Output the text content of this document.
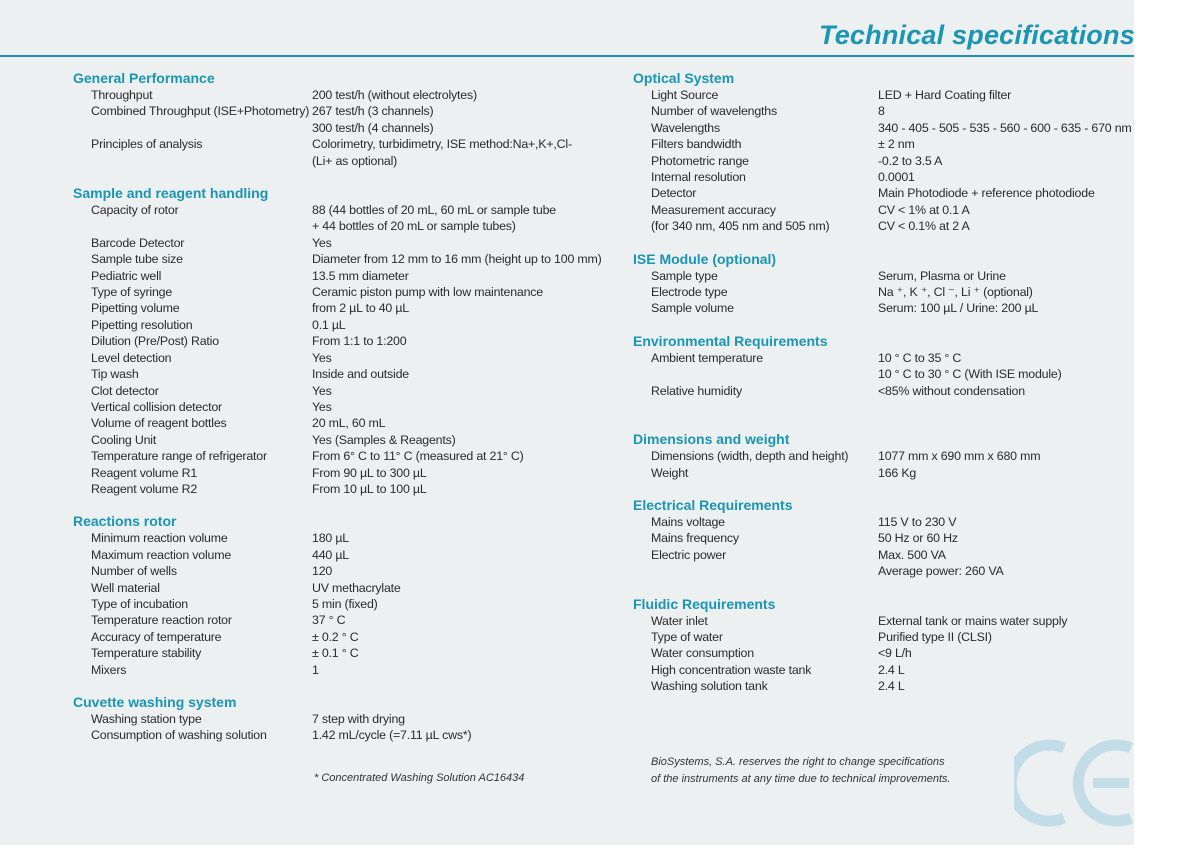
Technical specifications
General Performance
Throughput	200 test/h (without electrolytes)
Combined Throughput (ISE+Photometry) 267 test/h (3 channels)
300 test/h (4 channels)
Principles of analysis	Colorimetry, turbidimetry, ISE method:Na+,K+,Cl-
(Li+ as optional)
Sample and reagent handling
Capacity of rotor	88 (44 bottles of 20 mL, 60 mL or sample tube
+ 44 bottles of 20 mL or sample tubes)
Barcode Detector	Yes
Sample tube size	Diameter from 12 mm to 16 mm (height up to 100 mm)
Pediatric well	13.5 mm diameter
Type of syringe	Ceramic piston pump with low maintenance
Pipetting volume	from 2 µL to 40 µL
Pipetting resolution	0.1 µL
Dilution (Pre/Post) Ratio	From 1:1 to 1:200
Level detection	Yes
Tip wash	Inside and outside
Clot detector	Yes
Vertical collision detector	Yes
Volume of reagent bottles	20 mL, 60 mL
Cooling Unit	Yes (Samples & Reagents)
Temperature range of refrigerator	From 6° C to 11° C (measured at 21° C)
Reagent volume R1	From 90 µL to 300 µL
Reagent volume R2	From 10 µL to 100 µL
Reactions rotor
Minimum reaction volume	180 µL
Maximum reaction volume	440 µL
Number of wells	120
Well material	UV methacrylate
Type of incubation	5 min (fixed)
Temperature reaction rotor	37 ° C
Accuracy of temperature	± 0.2 ° C
Temperature stability	± 0.1 ° C
Mixers	1
Cuvette washing system
Washing station type	7 step with drying
Consumption of washing solution	1.42 mL/cycle (=7.11 µL cws*)
Optical System
Light Source	LED + Hard Coating filter
Number of wavelengths	8
Wavelengths	340 - 405 - 505 - 535 - 560 - 600 - 635 - 670 nm
Filters bandwidth	± 2 nm
Photometric range	-0.2 to 3.5 A
Internal resolution	0.0001
Detector	Main Photodiode + reference photodiode
Measurement accuracy	CV < 1% at 0.1 A
(for 340 nm, 405 nm and 505 nm)	CV < 0.1% at 2 A
ISE Module (optional)
Sample type	Serum, Plasma or Urine
Electrode type	Na ⁺, K ⁺, Cl ⁻, Li ⁺ (optional)
Sample volume	Serum: 100 µL / Urine: 200 µL
Environmental Requirements
Ambient temperature	10 ° C to 35 ° C
10 ° C to 30 ° C (With ISE module)
Relative humidity	<85% without condensation
Dimensions and weight
Dimensions (width, depth and height)	1077 mm x 690 mm x 680 mm
Weight	166 Kg
Electrical Requirements
Mains voltage	115 V to 230 V
Mains frequency	50 Hz or 60 Hz
Electric power	Max. 500 VA
Average power: 260 VA
Fluidic Requirements
Water inlet	External tank or mains water supply
Type of water	Purified type II (CLSI)
Water consumption	<9 L/h
High concentration waste tank	2.4 L
Washing solution tank	2.4 L
* Concentrated Washing Solution AC16434
BioSystems, S.A. reserves the right to change specifications
of the instruments at any time due to technical improvements.
